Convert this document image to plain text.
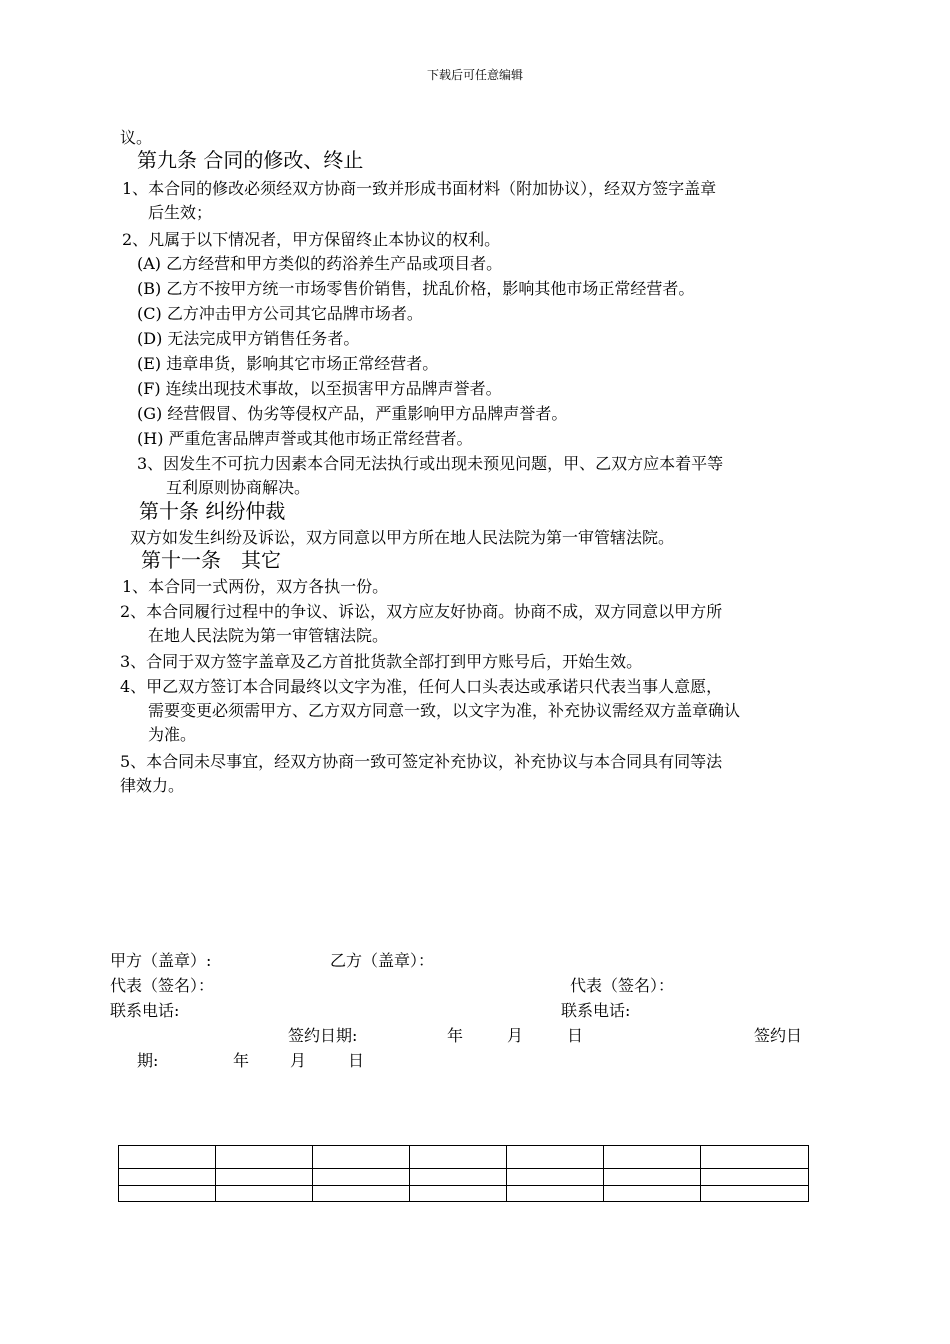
下载后可任意编辑
议。
第九条 合同的修改、终止
1、本合同的修改必须经双方协商一致并形成书面材料（附加协议），经双方签字盖章
后生效；
2、凡属于以下情况者，甲方保留终止本协议的权利。
(A) 乙方经营和甲方类似的药浴养生产品或项目者。
(B) 乙方不按甲方统一市场零售价销售，扰乱价格，影响其他市场正常经营者。
(C) 乙方冲击甲方公司其它品牌市场者。
(D) 无法完成甲方销售任务者。
(E) 违章串货，影响其它市场正常经营者。
(F) 连续出现技术事故，以至损害甲方品牌声誉者。
(G) 经营假冒、伪劣等侵权产品，严重影响甲方品牌声誉者。
(H) 严重危害品牌声誉或其他市场正常经营者。
3、因发生不可抗力因素本合同无法执行或出现未预见问题，甲、乙双方应本着平等
互利原则协商解决。
第十条 纠纷仲裁
双方如发生纠纷及诉讼，双方同意以甲方所在地人民法院为第一审管辖法院。
第十一条　其它
1、本合同一式两份，双方各执一份。
2、本合同履行过程中的争议、诉讼，双方应友好协商。协商不成，双方同意以甲方所
在地人民法院为第一审管辖法院。
3、合同于双方签字盖章及乙方首批货款全部打到甲方账号后，开始生效。
4、甲乙双方签订本合同最终以文字为准，任何人口头表达或承诺只代表当事人意愿，
需要变更必须需甲方、乙方双方同意一致，以文字为准，补充协议需经双方盖章确认
为准。
5、本合同未尽事宜，经双方协商一致可签定补充协议，补充协议与本合同具有同等法
律效力。
甲方（盖章）:	乙方（盖章）：
代表（签名）：	代表（签名）：
联系电话:	联系电话:
签约日期:	年	月	日	签约日
期:	年	月	日
